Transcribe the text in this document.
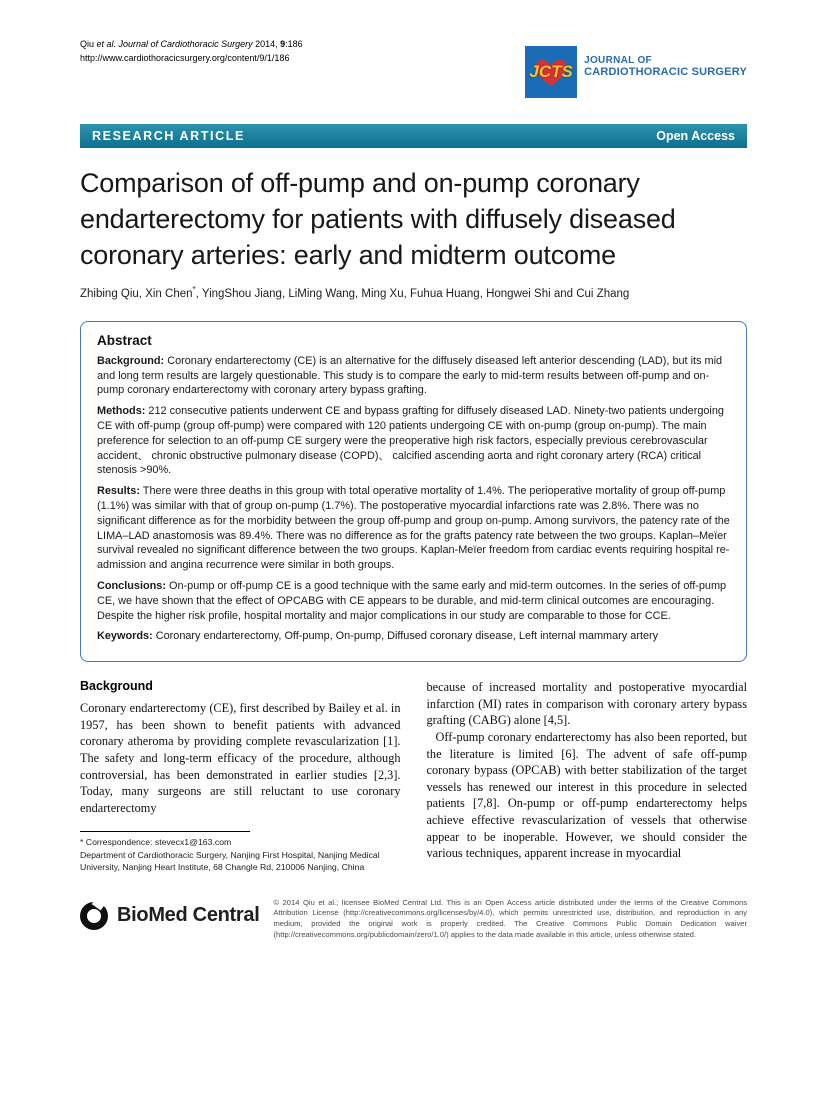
Qiu et al. Journal of Cardiothoracic Surgery 2014, 9:186
http://www.cardiothoracicsurgery.org/content/9/1/186
JCTS
JOURNAL OF
CARDIOTHORACIC SURGERY
RESEARCH ARTICLE	Open Access
Comparison of off-pump and on-pump coronary endarterectomy for patients with diffusely diseased coronary arteries: early and midterm outcome
Zhibing Qiu, Xin Chen*, YingShou Jiang, LiMing Wang, Ming Xu, Fuhua Huang, Hongwei Shi and Cui Zhang
Abstract

Background: Coronary endarterectomy (CE) is an alternative for the diffusely diseased left anterior descending (LAD), but its mid and long term results are largely questionable. This study is to compare the early to mid-term results between off-pump and on-pump coronary endarterectomy with coronary artery bypass grafting.

Methods: 212 consecutive patients underwent CE and bypass grafting for diffusely diseased LAD. Ninety-two patients undergoing CE with off-pump (group off-pump) were compared with 120 patients undergoing CE with on-pump (group on-pump). The main preference for selection to an off-pump CE surgery were the preoperative high risk factors, especially previous cerebrovascular accident、 chronic obstructive pulmonary disease (COPD)、 calcified ascending aorta and right coronary artery (RCA) critical stenosis >90%.

Results: There were three deaths in this group with total operative mortality of 1.4%. The perioperative mortality of group off-pump (1.1%) was similar with that of group on-pump (1.7%). The postoperative myocardial infarctions rate was 2.8%. There was no significant difference as for the morbidity between the group off-pump and group on-pump. Among survivors, the patency rate of the LIMA–LAD anastomosis was 89.4%. There was no difference as for the grafts patency rate between the two groups. Kaplan–Meïer survival revealed no significant difference between the two groups. Kaplan-Meïer freedom from cardiac events requiring hospital re-admission and angina recurrence were similar in both groups.

Conclusions: On-pump or off-pump CE is a good technique with the same early and mid-term outcomes. In the series of off-pump CE, we have shown that the effect of OPCABG with CE appears to be durable, and mid-term clinical outcomes are encouraging. Despite the higher risk profile, hospital mortality and major complications in our study are comparable to those for CCE.

Keywords: Coronary endarterectomy, Off-pump, On-pump, Diffused coronary disease, Left internal mammary artery

Background

Coronary endarterectomy (CE), first described by Bailey et al. in 1957, has been shown to benefit patients with advanced coronary atheroma by providing complete revascularization [1]. The safety and long-term efficacy of the procedure, although controversial, has been demonstrated in earlier studies [2,3]. Today, many surgeons are still reluctant to use coronary endarterectomy

* Correspondence: stevecx1@163.com
Department of Cardiothoracic Surgery, Nanjing First Hospital, Nanjing Medical University, Nanjing Heart Institute, 68 Changle Rd, 210006 Nanjing, China

because of increased mortality and postoperative myocardial infarction (MI) rates in comparison with coronary artery bypass grafting (CABG) alone [4,5].

Off-pump coronary endarterectomy has also been reported, but the literature is limited [6]. The advent of safe off-pump coronary bypass (OPCAB) with better stabilization of the target vessels has renewed our interest in this procedure in selected patients [7,8]. On-pump or off-pump endarterectomy helps achieve effective revascularization of vessels that otherwise appear to be inoperable. However, we should consider the various techniques, apparent increase in myocardial

BioMed Central
© 2014 Qiu et al.; licensee BioMed Central Ltd. This is an Open Access article distributed under the terms of the Creative Commons Attribution License (http://creativecommons.org/licenses/by/4.0), which permits unrestricted use, distribution, and reproduction in any medium, provided the original work is properly credited. The Creative Commons Public Domain Dedication waiver (http://creativecommons.org/publicdomain/zero/1.0/) applies to the data made available in this article, unless otherwise stated.
